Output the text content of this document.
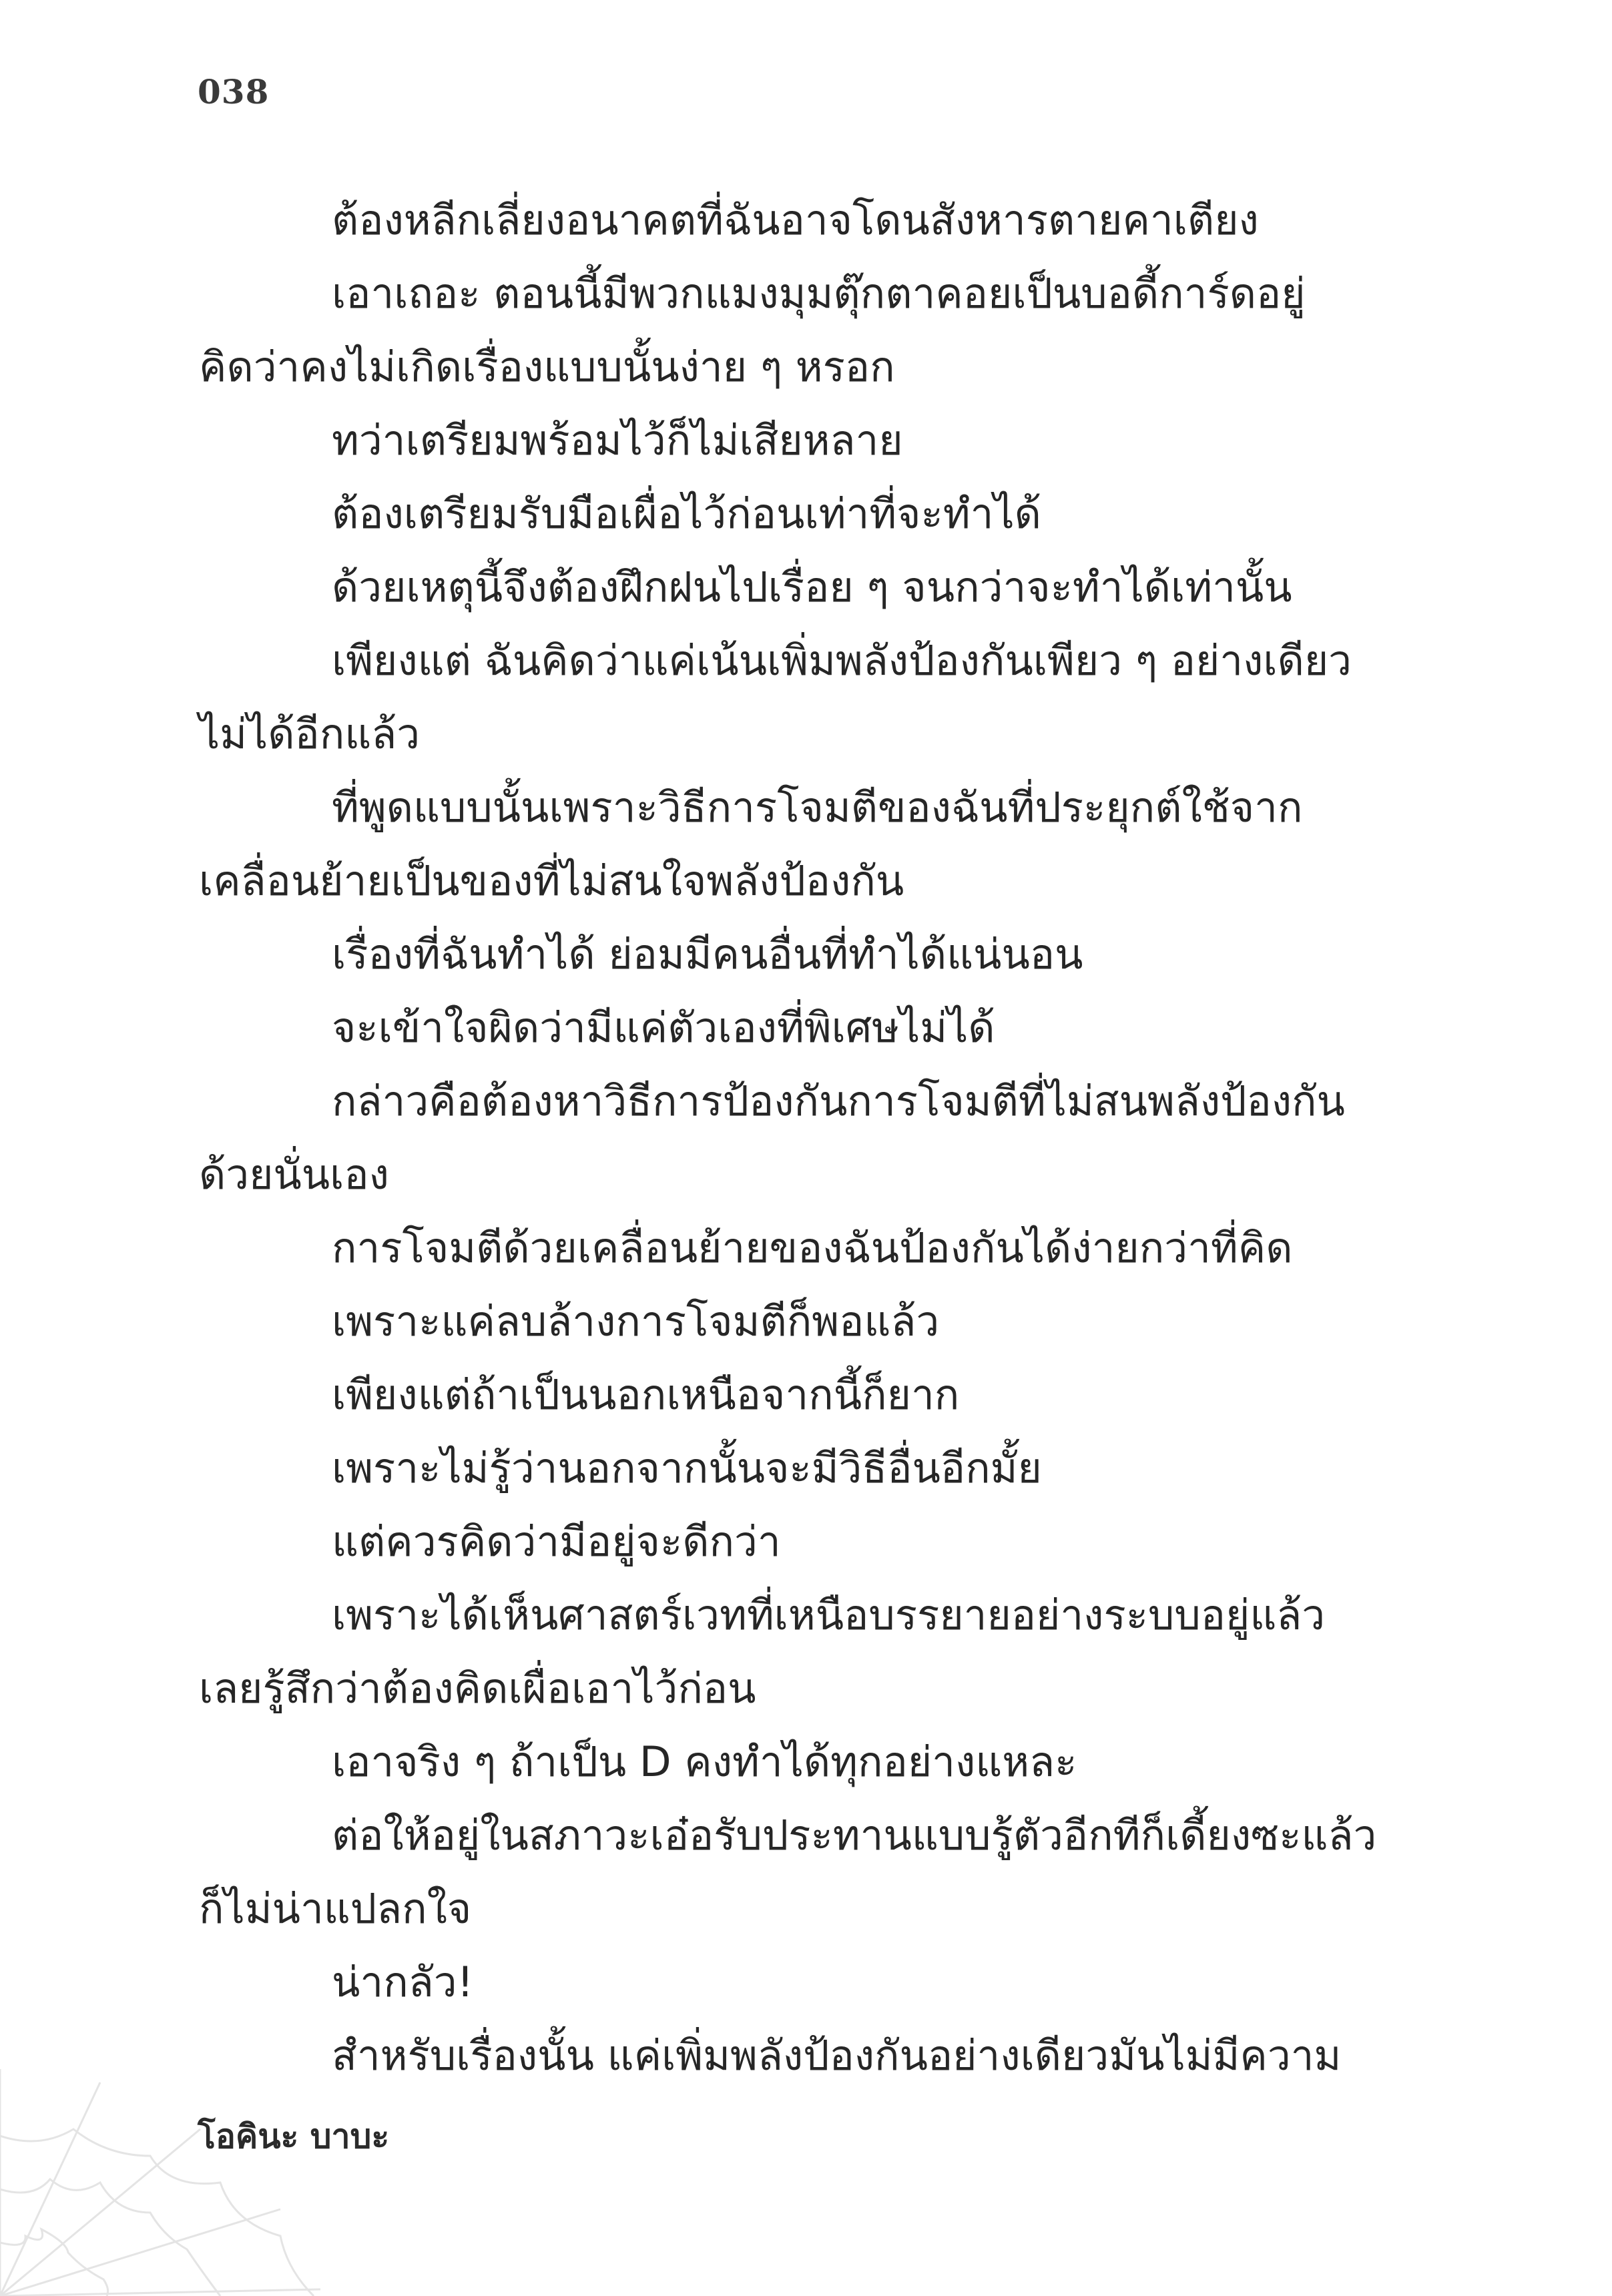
038
ต้องหลีกเลี่ยงอนาคตที่ฉันอาจโดนสังหารตายคาเตียง
เอาเถอะ ตอนนี้มีพวกแมงมุมตุ๊กตาคอยเป็นบอดี้การ์ดอยู่
คิดว่าคงไม่เกิดเรื่องแบบนั้นง่าย ๆ หรอก
ทว่าเตรียมพร้อมไว้ก็ไม่เสียหลาย
ต้องเตรียมรับมือเผื่อไว้ก่อนเท่าที่จะทำได้
ด้วยเหตุนี้จึงต้องฝึกฝนไปเรื่อย ๆ จนกว่าจะทำได้เท่านั้น
เพียงแต่ ฉันคิดว่าแค่เน้นเพิ่มพลังป้องกันเพียว ๆ อย่างเดียว
ไม่ได้อีกแล้ว
ที่พูดแบบนั้นเพราะวิธีการโจมตีของฉันที่ประยุกต์ใช้จาก
เคลื่อนย้ายเป็นของที่ไม่สนใจพลังป้องกัน
เรื่องที่ฉันทำได้ ย่อมมีคนอื่นที่ทำได้แน่นอน
จะเข้าใจผิดว่ามีแค่ตัวเองที่พิเศษไม่ได้
กล่าวคือต้องหาวิธีการป้องกันการโจมตีที่ไม่สนพลังป้องกัน
ด้วยนั่นเอง
การโจมตีด้วยเคลื่อนย้ายของฉันป้องกันได้ง่ายกว่าที่คิด
เพราะแค่ลบล้างการโจมตีก็พอแล้ว
เพียงแต่ถ้าเป็นนอกเหนือจากนี้ก็ยาก
เพราะไม่รู้ว่านอกจากนั้นจะมีวิธีอื่นอีกมั้ย
แต่ควรคิดว่ามีอยู่จะดีกว่า
เพราะได้เห็นศาสตร์เวทที่เหนือบรรยายอย่างระบบอยู่แล้ว
เลยรู้สึกว่าต้องคิดเผื่อเอาไว้ก่อน
เอาจริง ๆ ถ้าเป็น D คงทำได้ทุกอย่างแหละ
ต่อให้อยู่ในสภาวะเอ๋อรับประทานแบบรู้ตัวอีกทีก็เดี้ยงซะแล้ว
ก็ไม่น่าแปลกใจ
น่ากลัว!
สำหรับเรื่องนั้น แค่เพิ่มพลังป้องกันอย่างเดียวมันไม่มีความ
โอคินะ บาบะ
